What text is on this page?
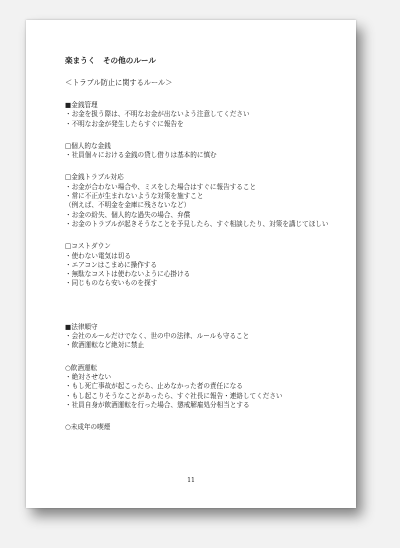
楽まうく　その他のルール
＜トラブル防止に関するルール＞
■金銭管理
・お金を扱う際は、不明なお金が出ないよう注意してください
・不明なお金が発生したらすぐに報告を
□個人的な金銭
・社員個々における金銭の貸し借りは基本的に慎む
□金銭トラブル対応
・お金が合わない場合や、ミスをした場合はすぐに報告すること
・常に不正が生まれないような対策を施すこと
（例えば、不明金を金庫に残さないなど）
・お金の紛失、個人的な過失の場合、弁償
・お金のトラブルが起きそうなことを予見したら、すぐ相談したり、対策を講じてほしい
□コストダウン
・使わない電気は切る
・エアコンはこまめに操作する
・無駄なコストは使わないように心掛ける
・同じものなら安いものを探す
■法律順守
・会社のルールだけでなく、世の中の法律、ルールも守ること
・飲酒運転など絶対に禁止
○飲酒運転
・絶対させない
・もし死亡事故が起こったら、止めなかった者の責任になる
・もし起こりそうなことがあったら、すぐ社長に報告・連絡してください
・社員自身が飲酒運転を行った場合、懲戒解雇処分相当とする
○未成年の喫煙
11
